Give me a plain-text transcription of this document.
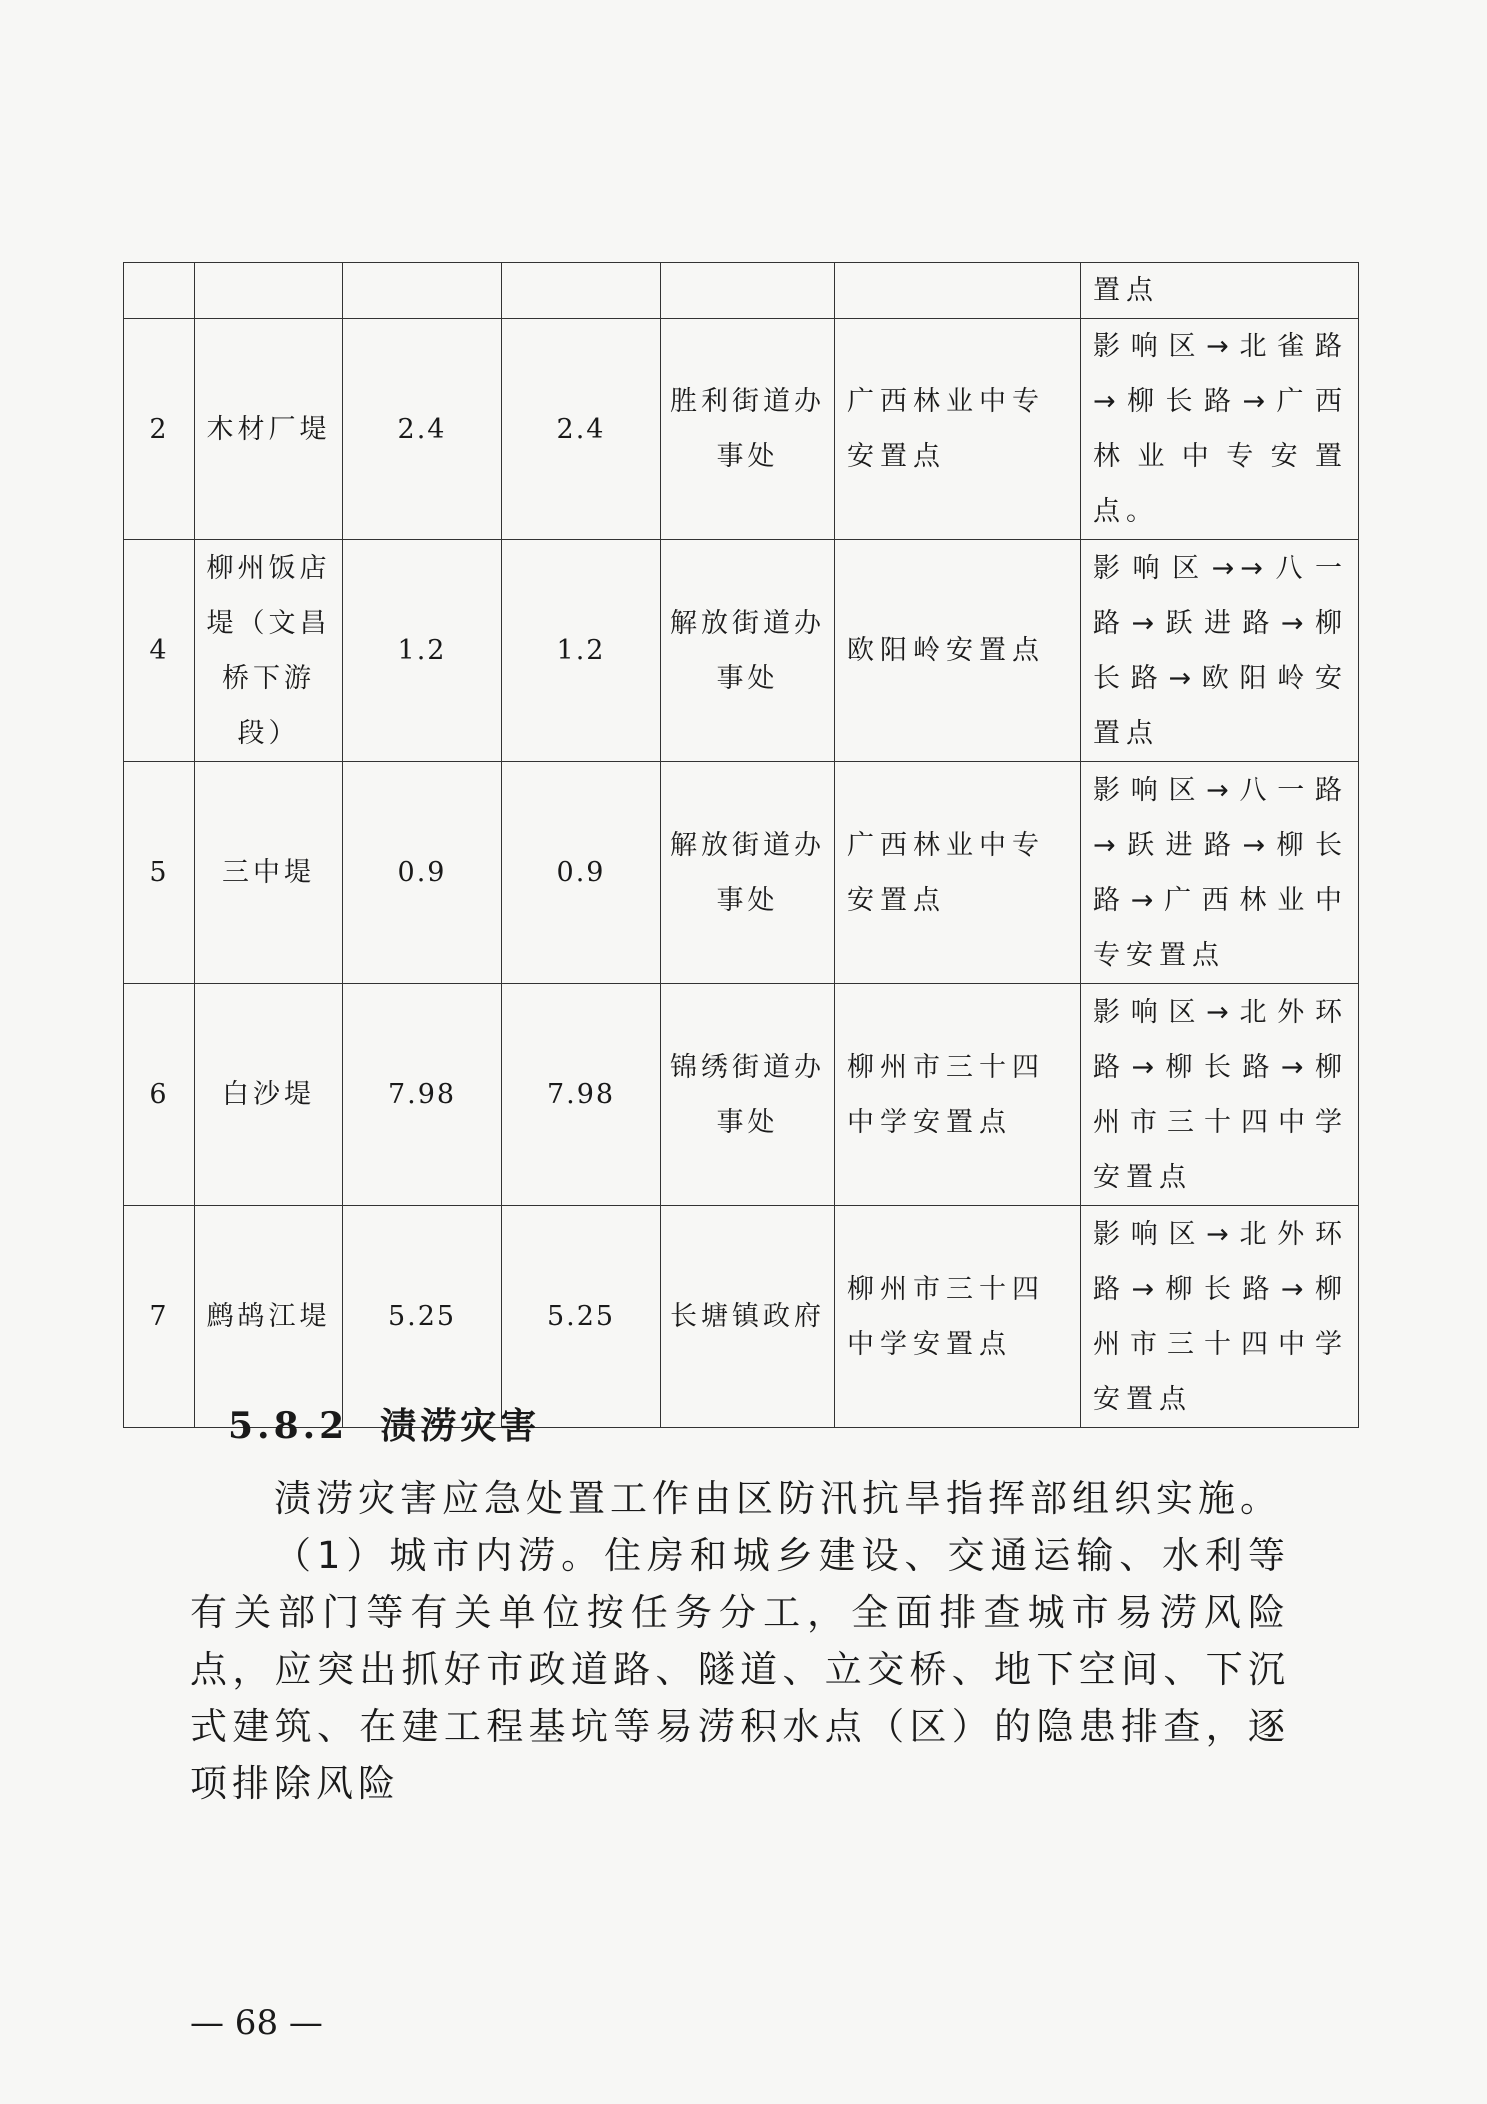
						置点
2	木材厂堤	2.4	2.4	胜利街道办事处	广西林业中专安置点	影响区→北雀路→柳长路→广西林业中专安置点。
4	柳州饭店堤（文昌桥下游段）	1.2	1.2	解放街道办事处	欧阳岭安置点	影响区→→八一路→跃进路→柳长路→欧阳岭安置点
5	三中堤	0.9	0.9	解放街道办事处	广西林业中专安置点	影响区→八一路→跃进路→柳长路→广西林业中专安置点
6	白沙堤	7.98	7.98	锦绣街道办事处	柳州市三十四中学安置点	影响区→北外环路→柳长路→柳州市三十四中学安置点
7	鹧鸪江堤	5.25	5.25	长塘镇政府	柳州市三十四中学安置点	影响区→北外环路→柳长路→柳州市三十四中学安置点
5.8.2 渍涝灾害

渍涝灾害应急处置工作由区防汛抗旱指挥部组织实施。

（1）城市内涝。住房和城乡建设、交通运输、水利等有关部门等有关单位按任务分工，全面排查城市易涝风险点，应突出抓好市政道路、隧道、立交桥、地下空间、下沉式建筑、在建工程基坑等易涝积水点（区）的隐患排查，逐项排除风险

— 68 —
